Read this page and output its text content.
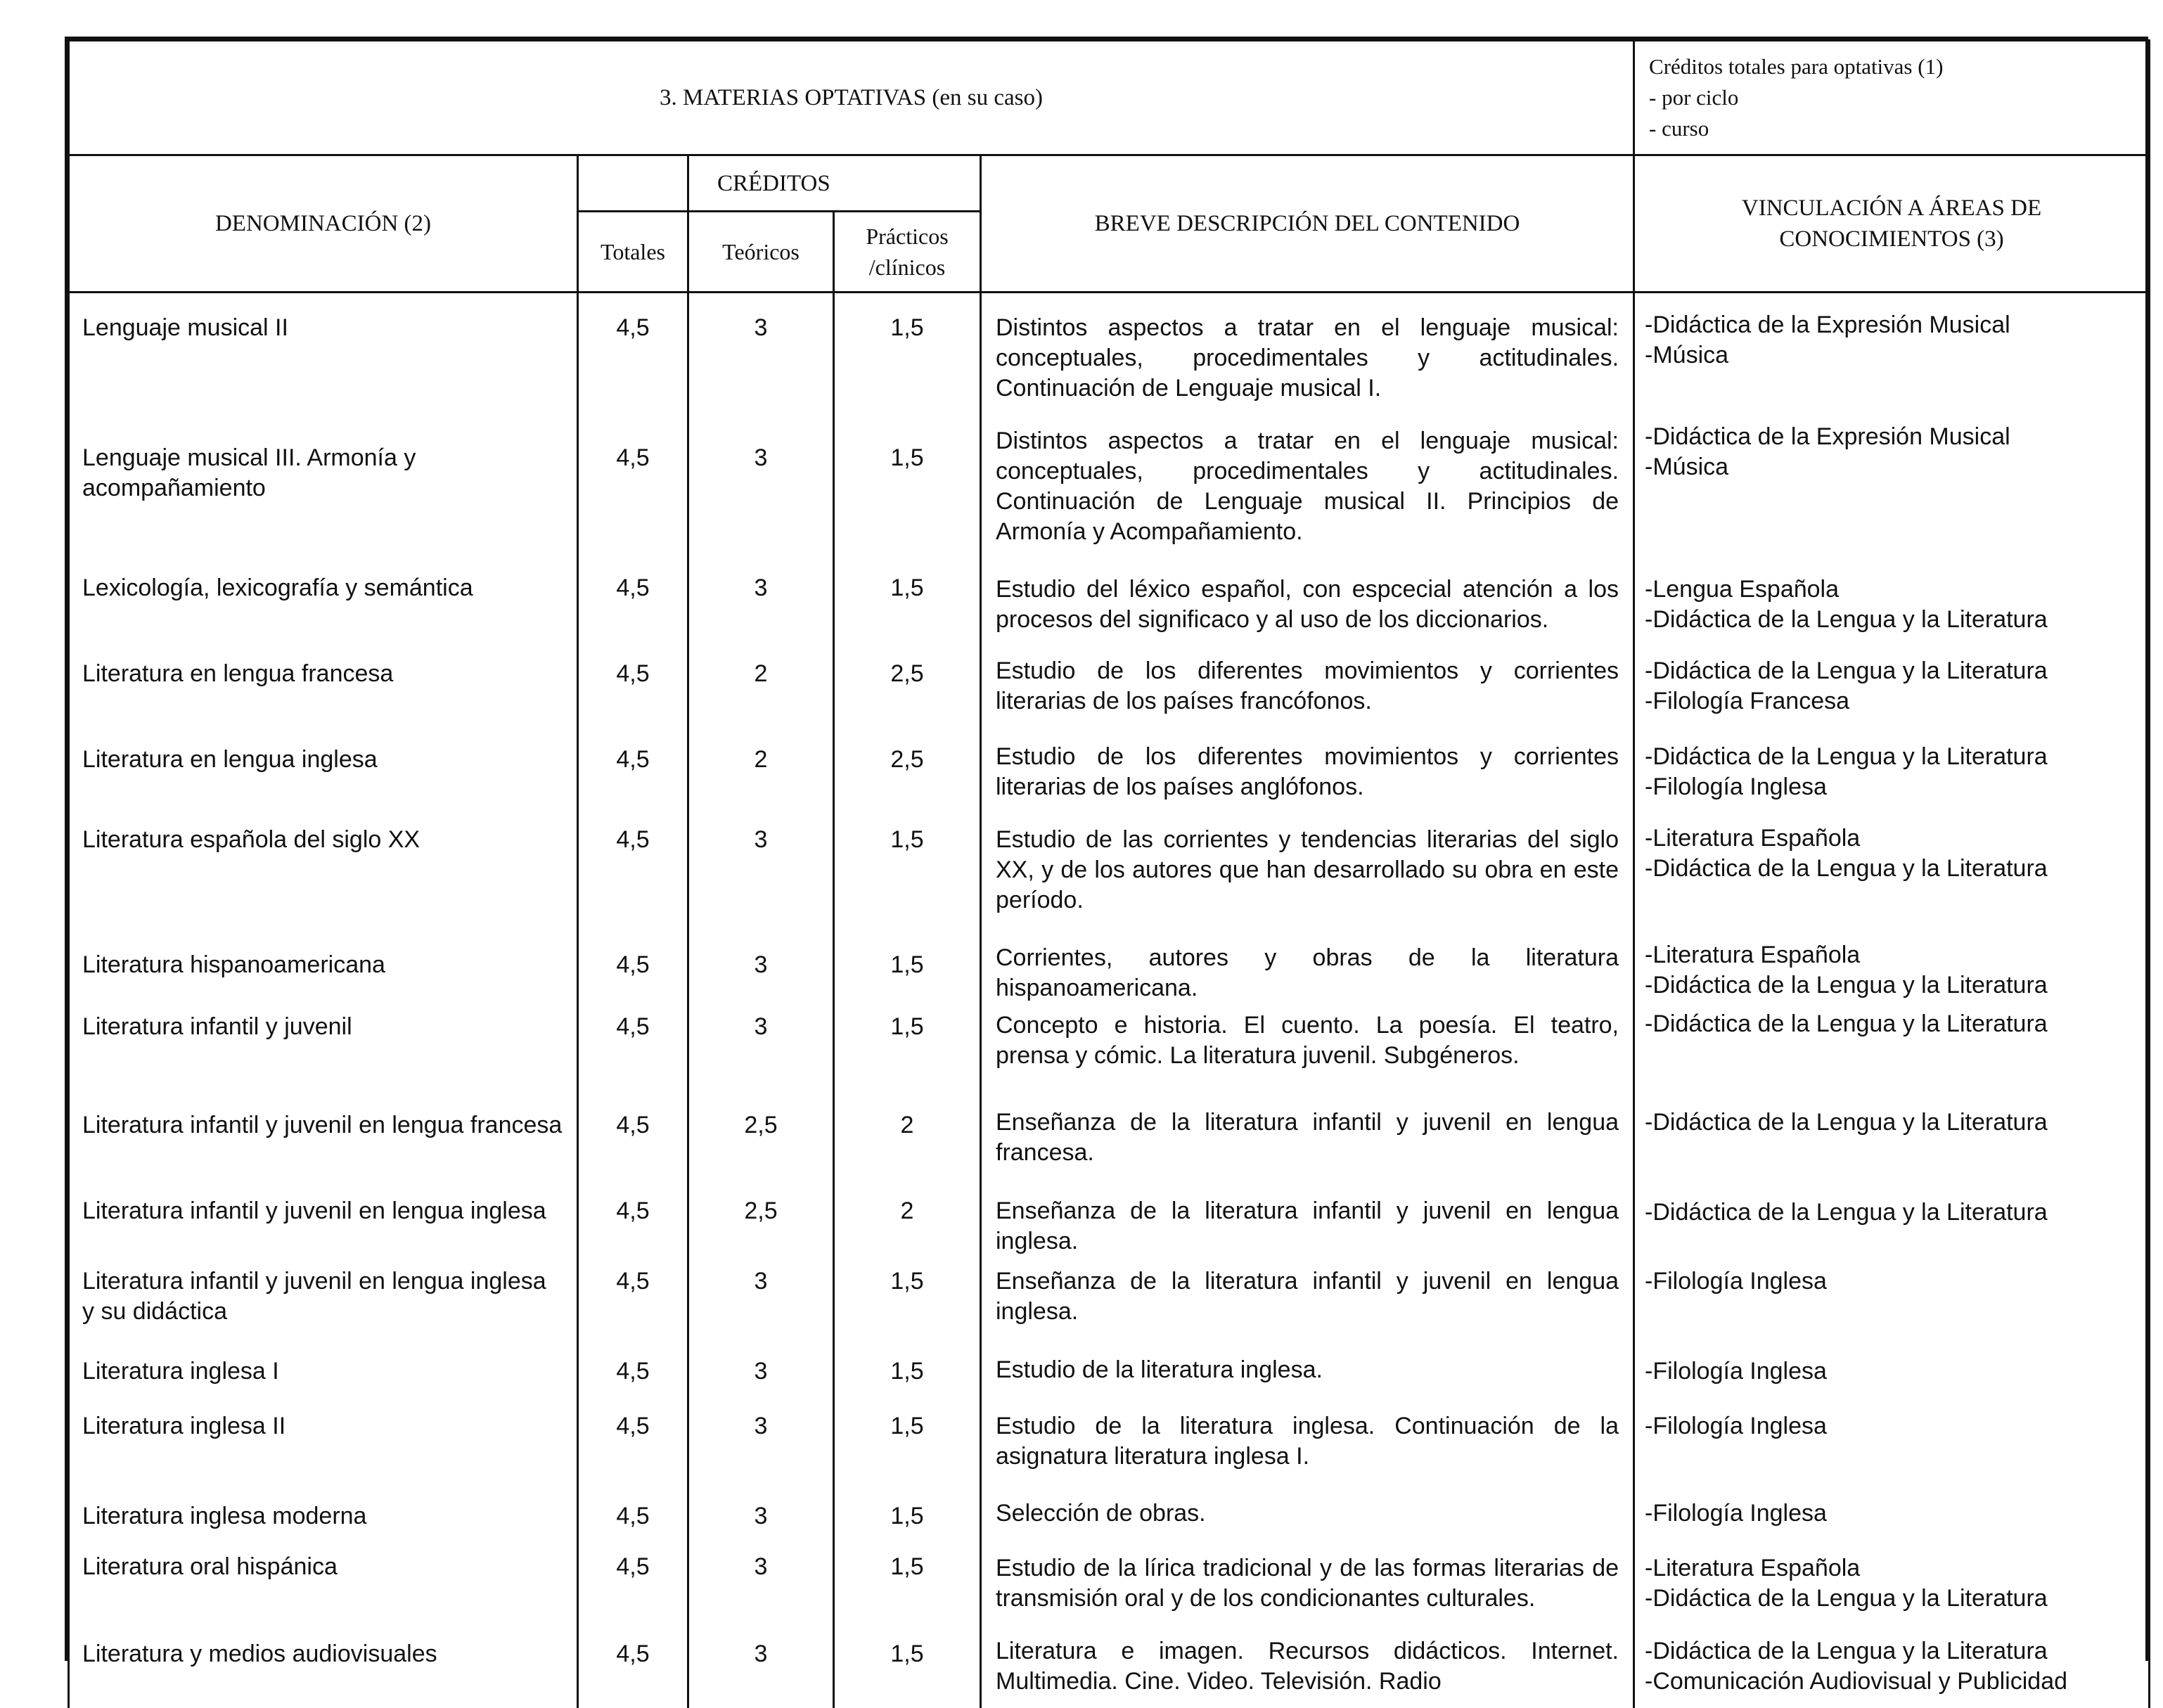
3. MATERIAS OPTATIVAS (en su caso)					Créditos totales para optativas (1)
- por ciclo
- curso

DENOMINACIÓN (2)		CRÉDITOS		BREVE DESCRIPCIÓN DEL CONTENIDO	VINCULACIÓN A ÁREAS DE
CONOCIMIENTOS (3)

	Totales	Teóricos	Prácticos
/clínicos		

Lenguaje musical II	4,5	3	1,5	Distintos aspectos a tratar en el lenguaje musical: conceptuales, procedimentales y actitudinales. Continuación de Lenguaje musical I.	-Didáctica de la Expresión Musical
-Música

Lenguaje musical III. Armonía y acompañamiento	4,5	3	1,5	Distintos aspectos a tratar en el lenguaje musical: conceptuales, procedimentales y actitudinales. Continuación de Lenguaje musical II. Principios de Armonía y Acompañamiento.	-Didáctica de la Expresión Musical
-Música

Lexicología, lexicografía y semántica	4,5	3	1,5	Estudio del léxico español, con espcecial atención a los procesos del significaco y al uso de los diccionarios.	-Lengua Española
-Didáctica de la Lengua y la Literatura

Literatura en lengua francesa	4,5	2	2,5	Estudio de los diferentes movimientos y corrientes literarias de los países francófonos.	-Didáctica de la Lengua y la Literatura
-Filología Francesa

Literatura en lengua inglesa	4,5	2	2,5	Estudio de los diferentes movimientos y corrientes literarias de los países anglófonos.	-Didáctica de la Lengua y la Literatura
-Filología Inglesa

Literatura española del siglo XX	4,5	3	1,5	Estudio de las corrientes y tendencias literarias del siglo XX, y de los autores que han desarrollado su obra en este período.	-Literatura Española
-Didáctica de la Lengua y la Literatura

Literatura hispanoamericana	4,5	3	1,5	Corrientes, autores y obras de la literatura hispanoamericana.	-Literatura Española
-Didáctica de la Lengua y la Literatura

Literatura infantil y juvenil	4,5	3	1,5	Concepto e historia. El cuento. La poesía. El teatro, prensa y cómic. La literatura juvenil. Subgéneros.	-Didáctica de la Lengua y la Literatura

Literatura infantil y juvenil en lengua francesa	4,5	2,5	2	Enseñanza de la literatura infantil y juvenil en lengua francesa.	-Didáctica de la Lengua y la Literatura

Literatura infantil y juvenil en lengua inglesa	4,5	2,5	2	Enseñanza de la literatura infantil y juvenil en lengua inglesa.	-Didáctica de la Lengua y la Literatura

Literatura infantil y juvenil en lengua inglesa y su didáctica	4,5	3	1,5	Enseñanza de la literatura infantil y juvenil en lengua inglesa.	-Filología Inglesa

Literatura inglesa I	4,5	3	1,5	Estudio de la literatura inglesa.	-Filología Inglesa

Literatura inglesa II	4,5	3	1,5	Estudio de la literatura inglesa. Continuación de la asignatura literatura inglesa I.	-Filología Inglesa

Literatura inglesa moderna	4,5	3	1,5	Selección de obras.	-Filología Inglesa

Literatura oral hispánica	4,5	3	1,5	Estudio de la lírica tradicional y de las formas literarias de transmisión oral y de los condicionantes culturales.	-Literatura Española
-Didáctica de la Lengua y la Literatura

Literatura y medios audiovisuales	4,5	3	1,5	Literatura e imagen. Recursos didácticos. Internet. Multimedia. Cine. Video. Televisión. Radio	-Didáctica de la Lengua y la Literatura
-Comunicación Audiovisual y Publicidad
